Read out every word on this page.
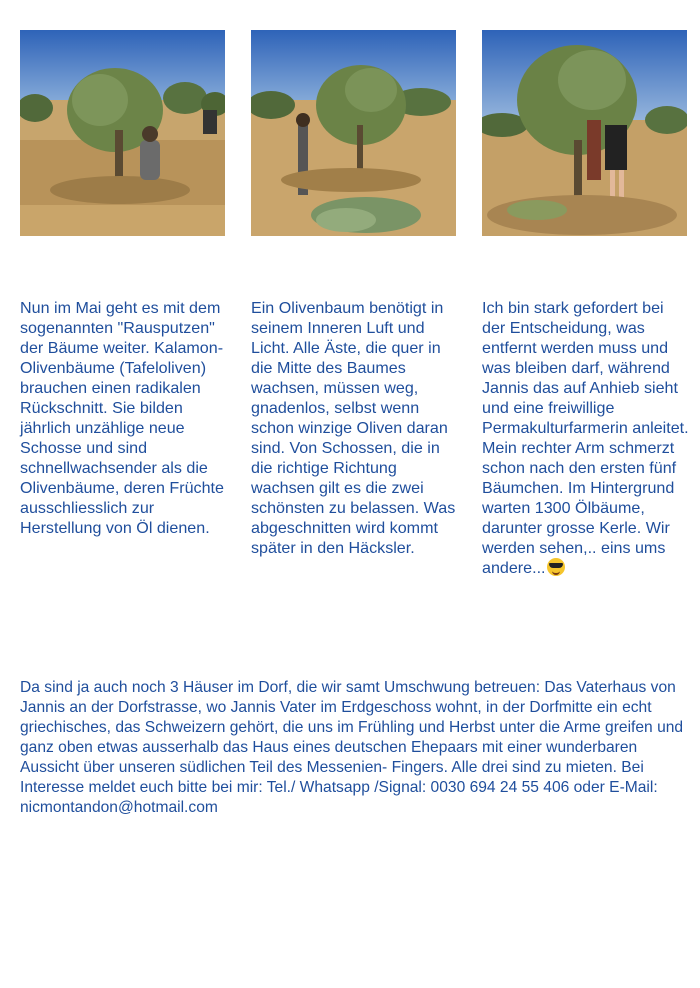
Nun im Mai geht es mit dem sogenannten "Rausputzen" der Bäume weiter. Kalamon-Olivenbäume (Tafeloliven) brauchen einen radikalen Rückschnitt. Sie bilden jährlich unzählige neue Schosse und sind schnellwachsender als die Olivenbäume, deren Früchte ausschliesslich zur Herstellung von Öl dienen.
Ein Olivenbaum benötigt in seinem Inneren Luft und Licht. Alle Äste, die quer in die Mitte des Baumes wachsen, müssen weg, gnadenlos, selbst wenn schon winzige Oliven daran sind. Von Schossen, die in die richtige Richtung wachsen gilt es die zwei schönsten zu belassen. Was abgeschnitten wird kommt später in den Häcksler.
Ich bin stark gefordert bei der Entscheidung, was entfernt werden muss und was bleiben darf, während Jannis das auf Anhieb sieht und eine freiwillige Permakulturfarmerin anleitet. Mein rechter Arm schmerzt schon nach den ersten fünf Bäumchen. Im Hintergrund warten 1300 Ölbäume, darunter grosse Kerle. Wir werden sehen,.. eins ums andere...
Da sind ja auch noch 3 Häuser im Dorf, die wir samt Umschwung betreuen: Das Vaterhaus von Jannis an der Dorfstrasse, wo Jannis Vater im Erdgeschoss wohnt, in der Dorfmitte ein echt griechisches, das Schweizern gehört, die uns im Frühling und Herbst unter die Arme greifen und ganz oben etwas ausserhalb das Haus eines deutschen Ehepaars mit einer wunderbaren Aussicht über unseren südlichen Teil des Messenien- Fingers. Alle drei sind zu mieten. Bei Interesse meldet euch bitte bei mir: Tel./ Whatsapp /Signal: 0030 694 24 55 406 oder E-Mail: nicmontandon@hotmail.com
